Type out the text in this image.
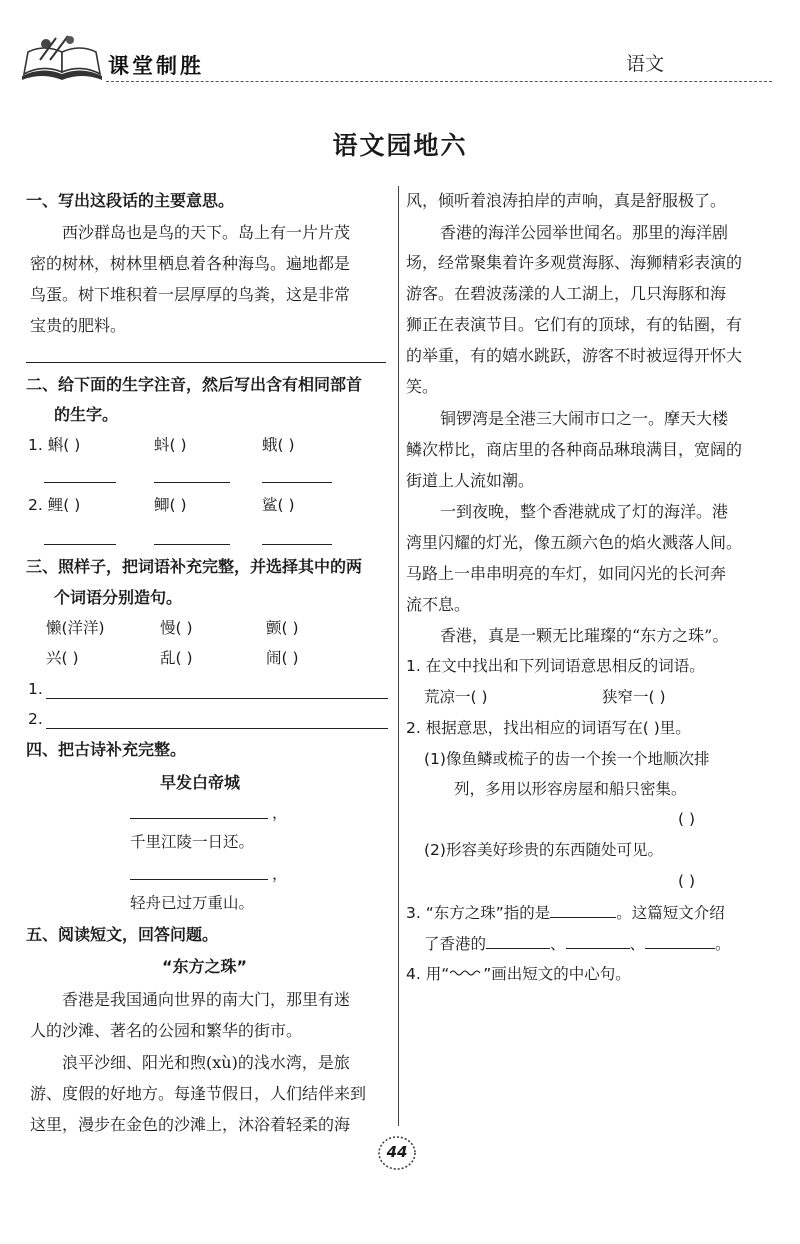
课堂制胜	语文
语文园地六
一、写出这段话的主要意思。
西沙群岛也是鸟的天下。岛上有一片片茂
密的树林，树林里栖息着各种海鸟。遍地都是
鸟蛋。树下堆积着一层厚厚的鸟粪，这是非常
宝贵的肥料。
二、给下面的生字注音，然后写出含有相同部首
的生字。
1. 蝌( )	蚪( )	蛾( )
2. 鲤( )	鲫( )	鲨( )
三、照样子，把词语补充完整，并选择其中的两
个词语分别造句。
懒(洋洋)	慢( )	颤( )
兴( )	乱( )	闹( )
1.
2.
四、把古诗补充完整。
早发白帝城
，
千里江陵一日还。
，
轻舟已过万重山。
五、阅读短文，回答问题。
“东方之珠”
香港是我国通向世界的南大门，那里有迷
人的沙滩、著名的公园和繁华的街市。
浪平沙细、阳光和煦(xù)的浅水湾，是旅
游、度假的好地方。每逢节假日，人们结伴来到
这里，漫步在金色的沙滩上，沐浴着轻柔的海
风，倾听着浪涛拍岸的声响，真是舒服极了。
香港的海洋公园举世闻名。那里的海洋剧
场，经常聚集着许多观赏海豚、海狮精彩表演的
游客。在碧波荡漾的人工湖上，几只海豚和海
狮正在表演节目。它们有的顶球，有的钻圈，有
的举重，有的嬉水跳跃，游客不时被逗得开怀大
笑。
铜锣湾是全港三大闹市口之一。摩天大楼
鳞次栉比，商店里的各种商品琳琅满目，宽阔的
街道上人流如潮。
一到夜晚，整个香港就成了灯的海洋。港
湾里闪耀的灯光，像五颜六色的焰火溅落人间。
马路上一串串明亮的车灯，如同闪光的长河奔
流不息。
香港，真是一颗无比璀璨的“东方之珠”。
1. 在文中找出和下列词语意思相反的词语。
荒凉一( )	狭窄一( )
2. 根据意思，找出相应的词语写在( )里。
(1)像鱼鳞或梳子的齿一个挨一个地顺次排
列，多用以形容房屋和船只密集。
( )
(2)形容美好珍贵的东西随处可见。
( )
3. “东方之珠”指的是	。这篇短文介绍
了香港的	、	、	。
4. 用“ ”画出短文的中心句。
44
